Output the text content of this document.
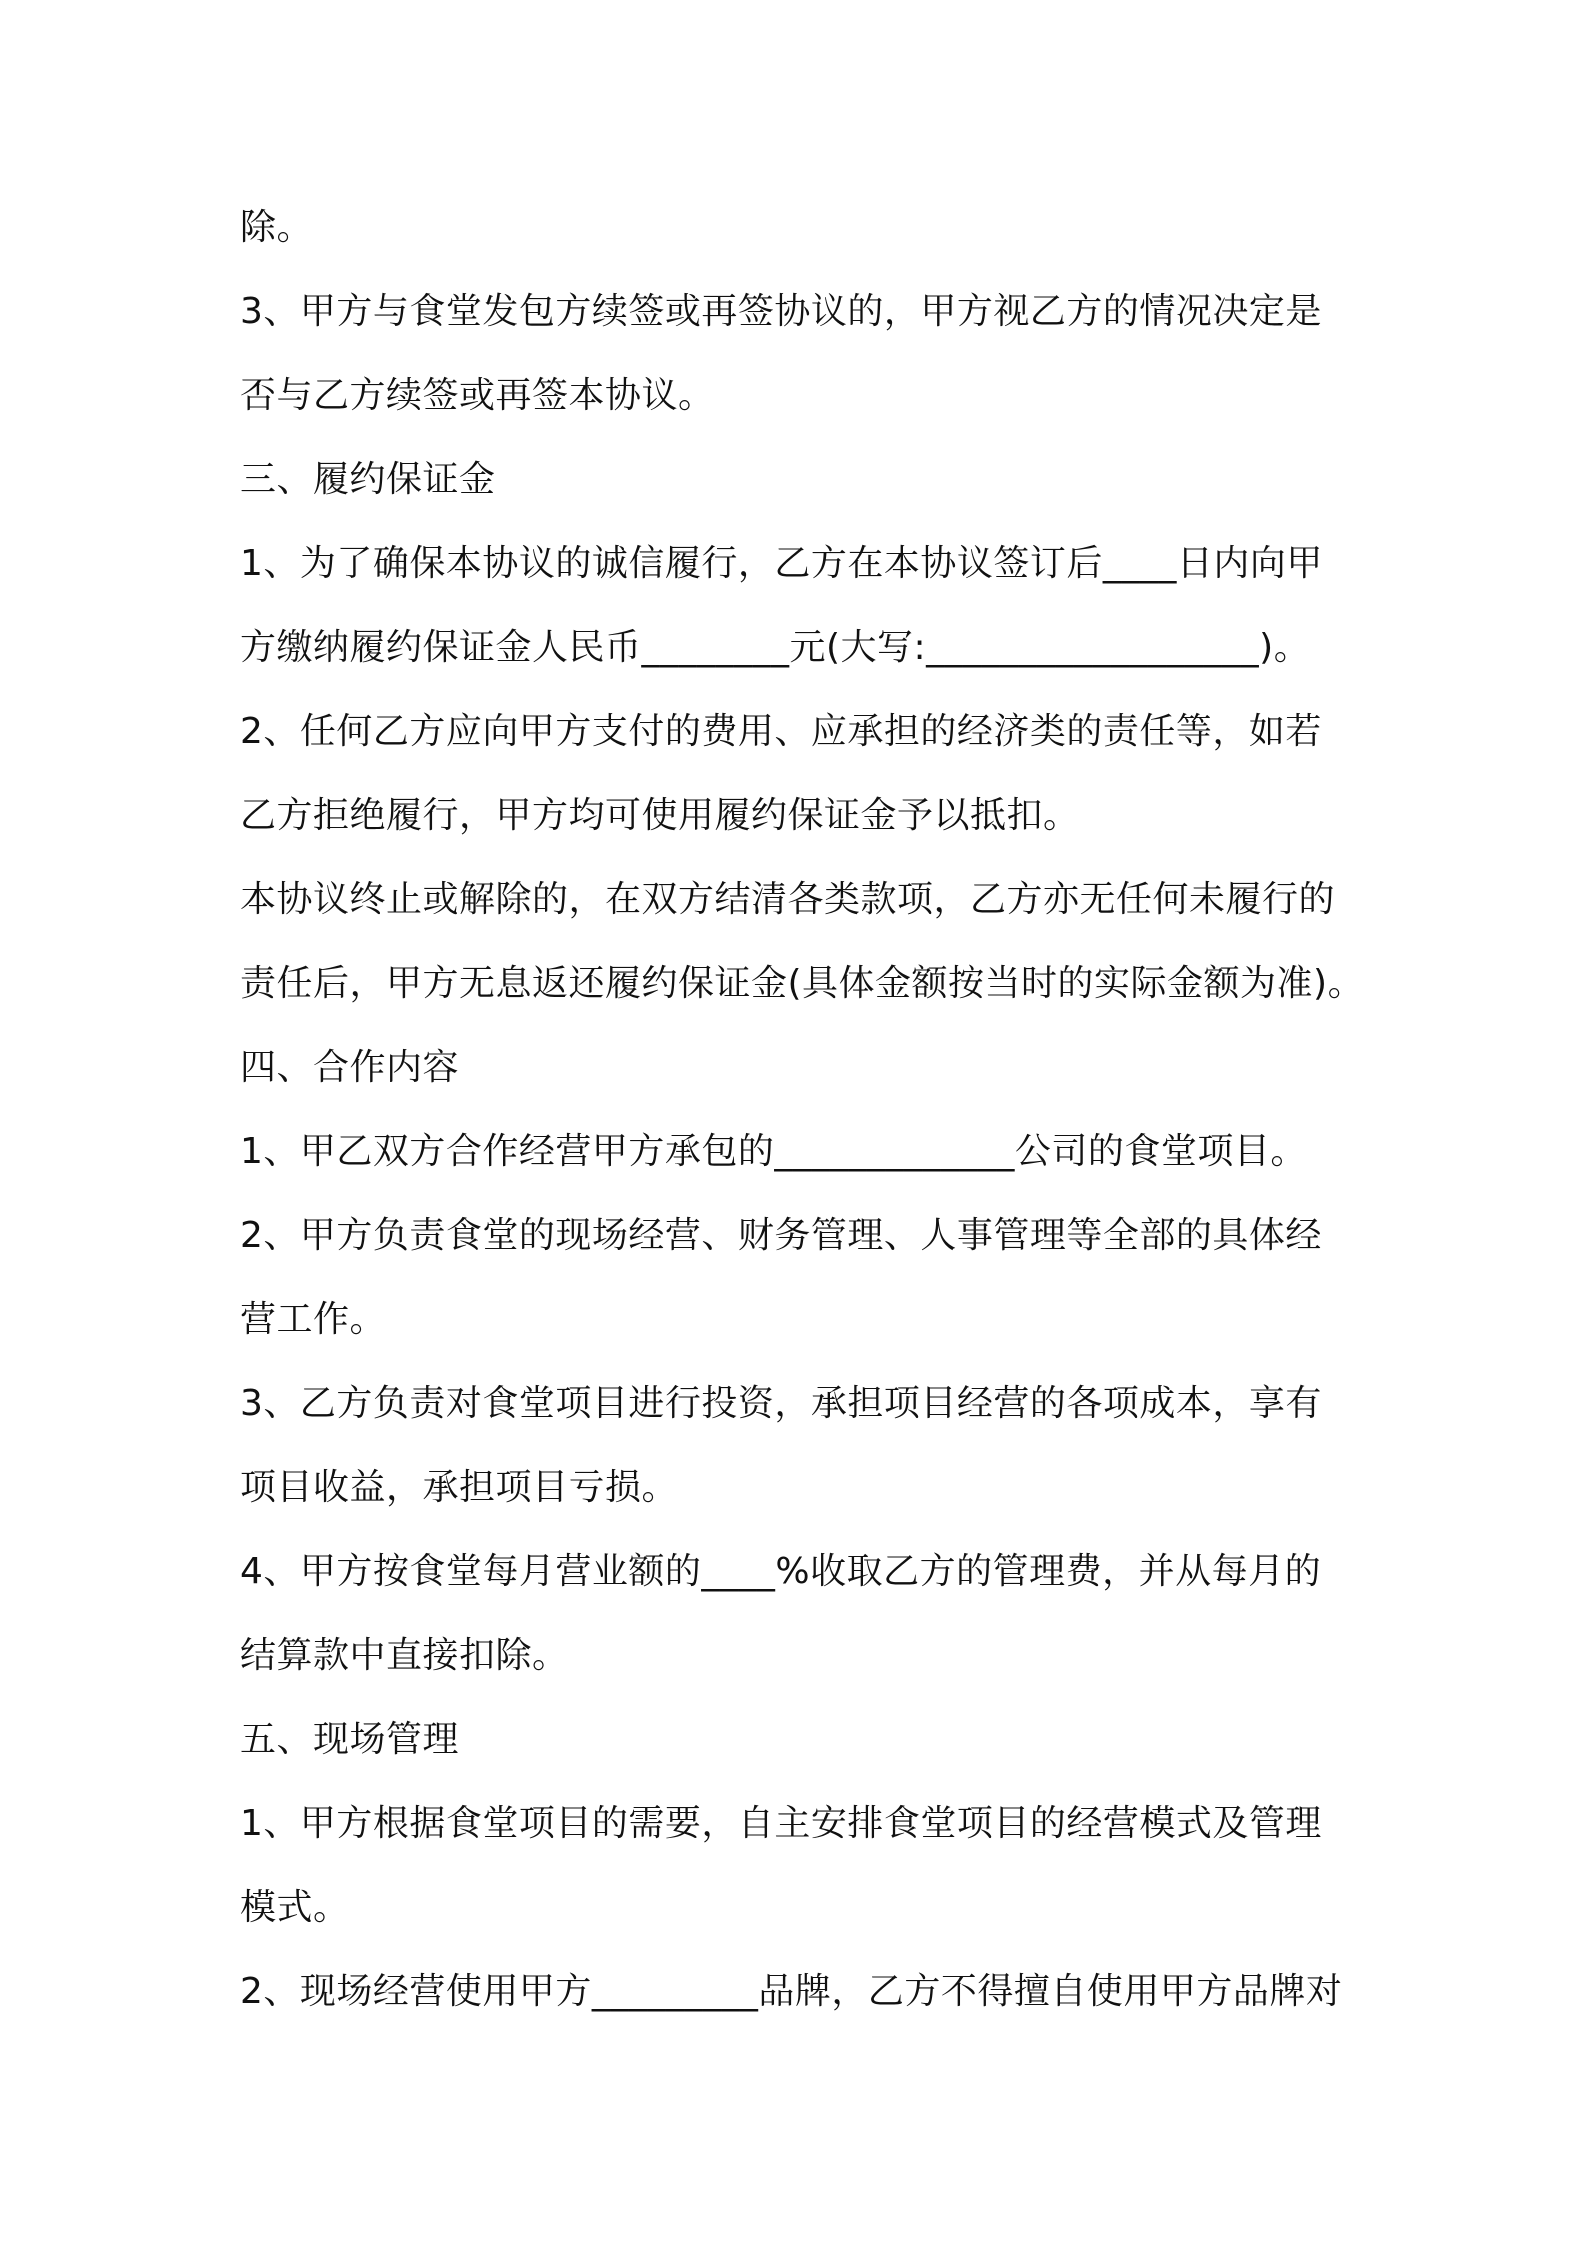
除。

3、甲方与食堂发包方续签或再签协议的，甲方视乙方的情况决定是

否与乙方续签或再签本协议。

三、履约保证金

1、为了确保本协议的诚信履行，乙方在本协议签订后____日内向甲

方缴纳履约保证金人民币________元(大写:__________________)。

2、任何乙方应向甲方支付的费用、应承担的经济类的责任等，如若

乙方拒绝履行，甲方均可使用履约保证金予以抵扣。

本协议终止或解除的，在双方结清各类款项，乙方亦无任何未履行的

责任后，甲方无息返还履约保证金(具体金额按当时的实际金额为准)。

四、合作内容

1、甲乙双方合作经营甲方承包的_____________公司的食堂项目。

2、甲方负责食堂的现场经营、财务管理、人事管理等全部的具体经

营工作。

3、乙方负责对食堂项目进行投资，承担项目经营的各项成本，享有

项目收益，承担项目亏损。

4、甲方按食堂每月营业额的____%收取乙方的管理费，并从每月的

结算款中直接扣除。

五、现场管理

1、甲方根据食堂项目的需要，自主安排食堂项目的经营模式及管理

模式。

2、现场经营使用甲方_________品牌，乙方不得擅自使用甲方品牌对
